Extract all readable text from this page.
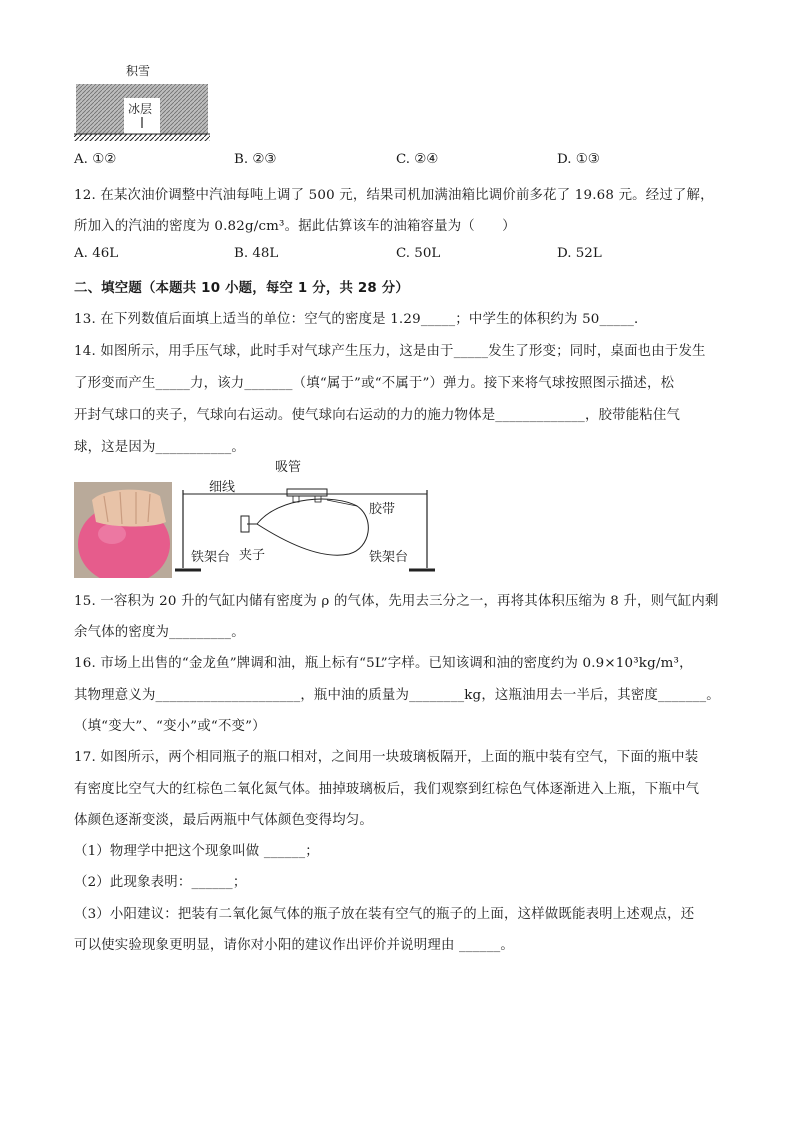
积雪
冰层
A. ①②	B. ②③	C. ②④	D. ①③
12. 在某次油价调整中汽油每吨上调了 500 元，结果司机加满油箱比调价前多花了 19.68 元。经过了解，
所加入的汽油的密度为 0.82g/cm³。据此估算该车的油箱容量为（　　）
A. 46L	B. 48L	C. 50L	D. 52L
二、填空题（本题共 10 小题，每空 1 分，共 28 分）
13. 在下列数值后面填上适当的单位：空气的密度是 1.29_____；中学生的体积约为 50_____．
14. 如图所示，用手压气球，此时手对气球产生压力，这是由于_____发生了形变；同时，桌面也由于发生
了形变而产生_____力，该力_______（填“属于”或“不属于”）弹力。接下来将气球按照图示描述，松
开封气球口的夹子，气球向右运动。使气球向右运动的力的施力物体是_____________，胶带能粘住气
球，这是因为___________。
吸管
细线
胶带
夹子
铁架台	铁架台
15. 一容积为 20 升的气缸内储有密度为 ρ 的气体，先用去三分之一，再将其体积压缩为 8 升，则气缸内剩
余气体的密度为_________。
16. 市场上出售的“金龙鱼”牌调和油，瓶上标有“5L”字样。已知该调和油的密度约为 0.9×10³kg/m³，
其物理意义为_____________________，瓶中油的质量为________kg，这瓶油用去一半后，其密度_______。
（填“变大”、“变小”或“不变”）
17. 如图所示，两个相同瓶子的瓶口相对，之间用一块玻璃板隔开，上面的瓶中装有空气，下面的瓶中装
有密度比空气大的红棕色二氧化氮气体。抽掉玻璃板后，我们观察到红棕色气体逐渐进入上瓶，下瓶中气
体颜色逐渐变淡，最后两瓶中气体颜色变得均匀。
（1）物理学中把这个现象叫做 ______；
（2）此现象表明：______；
（3）小阳建议：把装有二氧化氮气体的瓶子放在装有空气的瓶子的上面，这样做既能表明上述观点，还
可以使实验现象更明显，请你对小阳的建议作出评价并说明理由 ______。
